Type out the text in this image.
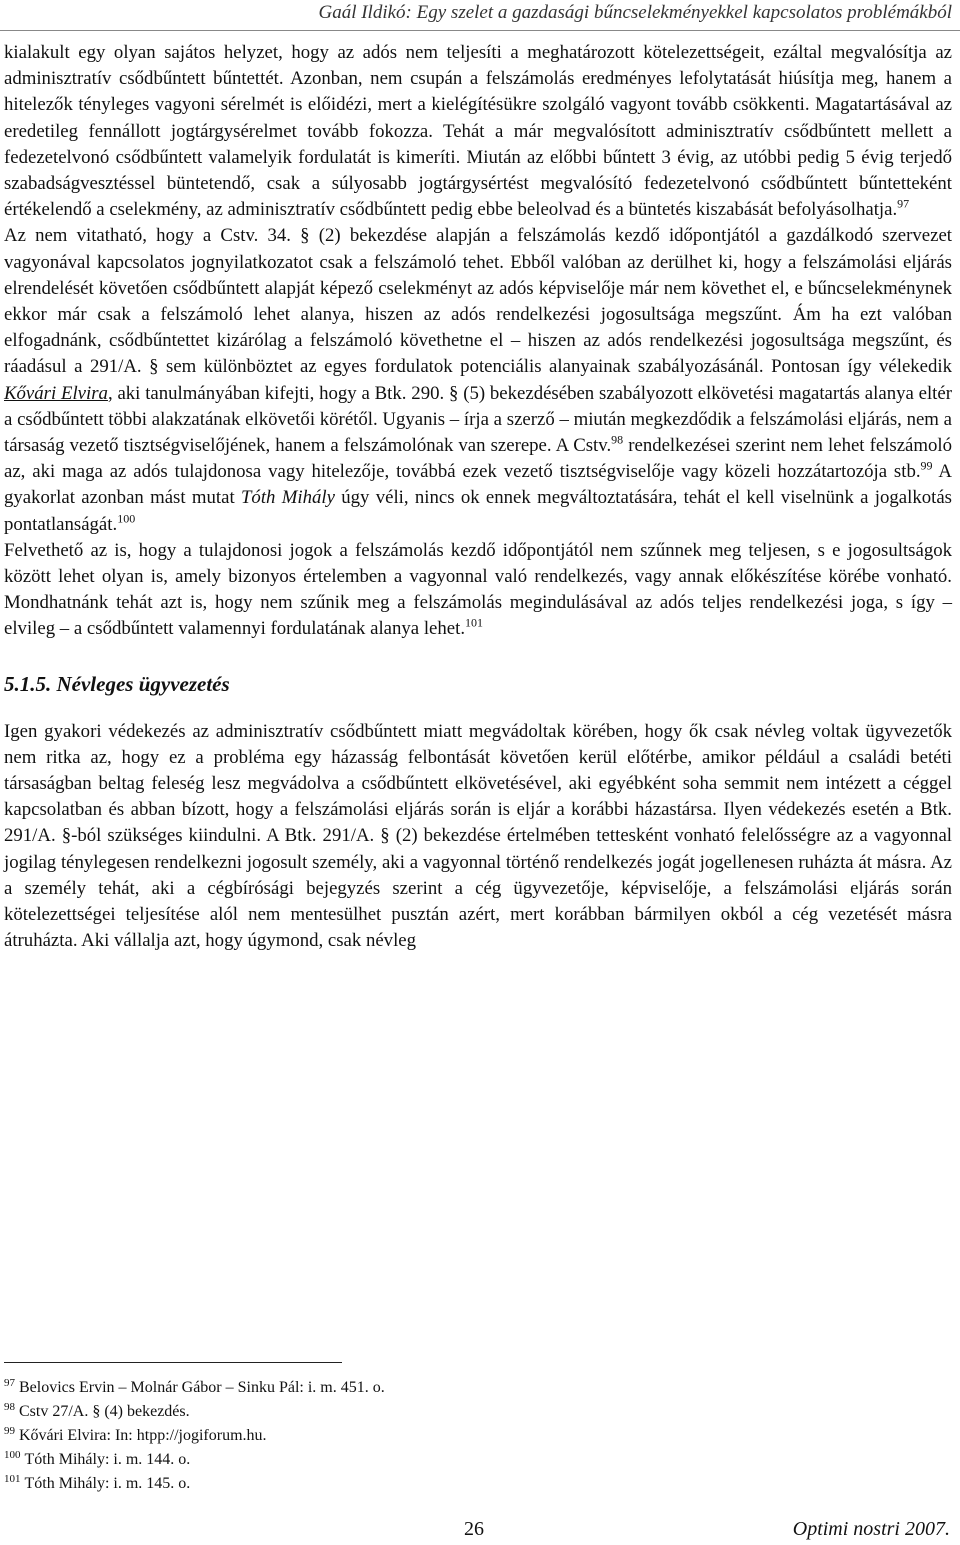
Gaál Ildikó: Egy szelet a gazdasági bűncselekményekkel kapcsolatos problémákból

kialakult egy olyan sajátos helyzet, hogy az adós nem teljesíti a meghatározott kötelezettségeit, ezáltal megvalósítja az adminisztratív csődbűntett bűntettét. Azonban, nem csupán a felszámolás eredményes lefolytatását hiúsítja meg, hanem a hitelezők tényleges vagyoni sérelmét is előidézi, mert a kielégítésükre szolgáló vagyont tovább csökkenti. Magatartásával az eredetileg fennállott jogtárgysérelmet tovább fokozza. Tehát a már megvalósított adminisztratív csődbűntett mellett a fedezetelvonó csődbűntett valamelyik fordulatát is kimeríti. Miután az előbbi bűntett 3 évig, az utóbbi pedig 5 évig terjedő szabadságvesztéssel büntetendő, csak a súlyosabb jogtárgysértést megvalósító fedezetelvonó csődbűntett bűntetteként értékelendő a cselekmény, az adminisztratív csődbűntett pedig ebbe beleolvad és a büntetés kiszabását befolyásolhatja.$^{97}$

Az nem vitatható, hogy a Cstv. 34. § (2) bekezdése alapján a felszámolás kezdő időpontjától a gazdálkodó szervezet vagyonával kapcsolatos jognyilatkozatot csak a felszámoló tehet. Ebből valóban az derülhet ki, hogy a felszámolási eljárás elrendelését követően csődbűntett alapját képező cselekményt az adós képviselője már nem követhet el, e bűncselekménynek ekkor már csak a felszámoló lehet alanya, hiszen az adós rendelkezési jogosultsága megszűnt. Ám ha ezt valóban elfogadnánk, csődbűntettet kizárólag a felszámoló követhetne el – hiszen az adós rendelkezési jogosultsága megszűnt, és ráadásul a 291/A. § sem különböztet az egyes fordulatok potenciális alanyainak szabályozásánál. Pontosan így vélekedik Kővári Elvira, aki tanulmányában kifejti, hogy a Btk. 290. § (5) bekezdésében szabályozott elkövetési magatartás alanya eltér a csődbűntett többi alakzatának elkövetői körétől. Ugyanis – írja a szerző – miután megkezdődik a felszámolási eljárás, nem a társaság vezető tisztségviselőjének, hanem a felszámolónak van szerepe. A Cstv.$^{98}$ rendelkezései szerint nem lehet felszámoló az, aki maga az adós tulajdonosa vagy hitelezője, továbbá ezek vezető tisztségviselője vagy közeli hozzátartozója stb.$^{99}$ A gyakorlat azonban mást mutat Tóth Mihály úgy véli, nincs ok ennek megváltoztatására, tehát el kell viselnünk a jogalkotás pontatlanságát.$^{100}$

Felvethető az is, hogy a tulajdonosi jogok a felszámolás kezdő időpontjától nem szűnnek meg teljesen, s e jogosultságok között lehet olyan is, amely bizonyos értelemben a vagyonnal való rendelkezés, vagy annak előkészítése körébe vonható. Mondhatnánk tehát azt is, hogy nem szűnik meg a felszámolás megindulásával az adós teljes rendelkezési joga, s így – elvileg – a csődbűntett valamennyi fordulatának alanya lehet.$^{101}$

5.1.5. Névleges ügyvezetés

Igen gyakori védekezés az adminisztratív csődbűntett miatt megvádoltak körében, hogy ők csak névleg voltak ügyvezetők nem ritka az, hogy ez a probléma egy házasság felbontását követően kerül előtérbe, amikor például a családi betéti társaságban beltag feleség lesz megvádolva a csődbűntett elkövetésével, aki egyébként soha semmit nem intézett a céggel kapcsolatban és abban bízott, hogy a felszámolási eljárás során is eljár a korábbi házastársa. Ilyen védekezés esetén a Btk. 291/A. §-ból szükséges kiindulni. A Btk. 291/A. § (2) bekezdése értelmében tettesként vonható felelősségre az a vagyonnal jogilag ténylegesen rendelkezni jogosult személy, aki a vagyonnal történő rendelkezés jogát jogellenesen ruházta át másra. Az a személy tehát, aki a cégbírósági bejegyzés szerint a cég ügyvezetője, képviselője, a felszámolási eljárás során kötelezettségei teljesítése alól nem mentesülhet pusztán azért, mert korábban bármilyen okból a cég vezetését másra átruházta. Aki vállalja azt, hogy úgymond, csak névleg

$^{97}$ Belovics Ervin – Molnár Gábor – Sinku Pál: i. m. 451. o.

$^{98}$ Cstv 27/A. § (4) bekezdés.

$^{99}$ Kővári Elvira: In: htpp://jogiforum.hu.

$^{100}$ Tóth Mihály: i. m. 144. o.

$^{101}$ Tóth Mihály: i. m. 145. o.

26	Optimi nostri 2007.
